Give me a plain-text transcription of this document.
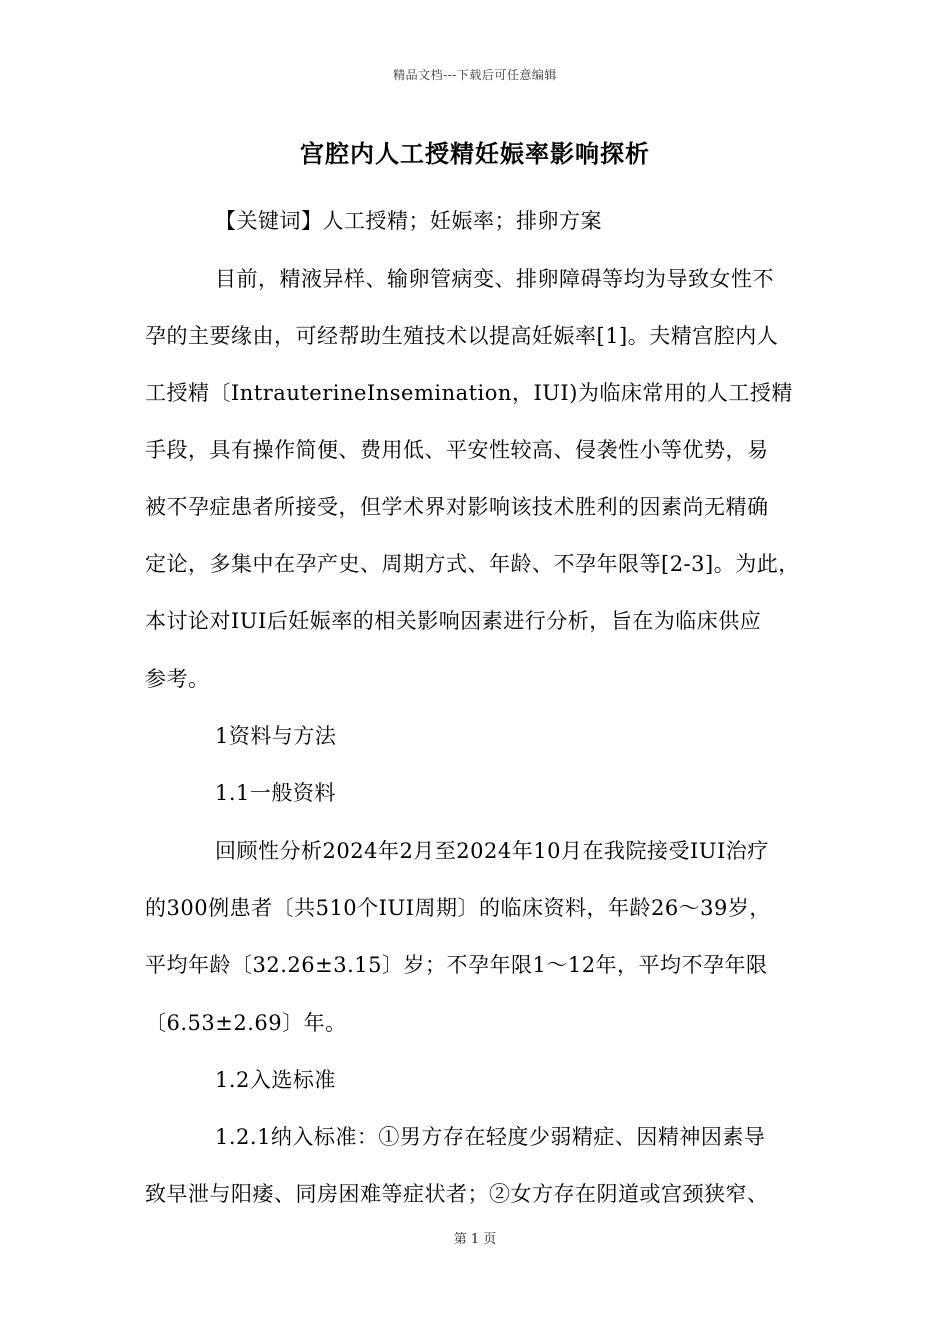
精品文档---下载后可任意编辑
宫腔内人工授精妊娠率影响探析
【关键词】人工授精；妊娠率；排卵方案
目前，精液异样、输卵管病变、排卵障碍等均为导致女性不
孕的主要缘由，可经帮助生殖技术以提高妊娠率[1]。夫精宫腔内人
工授精〔IntrauterineInsemination，IUI)为临床常用的人工授精
手段，具有操作简便、费用低、平安性较高、侵袭性小等优势，易
被不孕症患者所接受，但学术界对影响该技术胜利的因素尚无精确
定论，多集中在孕产史、周期方式、年龄、不孕年限等[2-3]。为此，
本讨论对IUI后妊娠率的相关影响因素进行分析，旨在为临床供应
参考。
1资料与方法
1.1一般资料
回顾性分析2024年2月至2024年10月在我院接受IUI治疗
的300例患者〔共510个IUI周期〕的临床资料，年龄26～39岁，
平均年龄〔32.26±3.15〕岁；不孕年限1～12年，平均不孕年限
〔6.53±2.69〕年。
1.2入选标准
1.2.1纳入标准：①男方存在轻度少弱精症、因精神因素导
致早泄与阳痿、同房困难等症状者；②女方存在阴道或宫颈狭窄、
第 1 页
